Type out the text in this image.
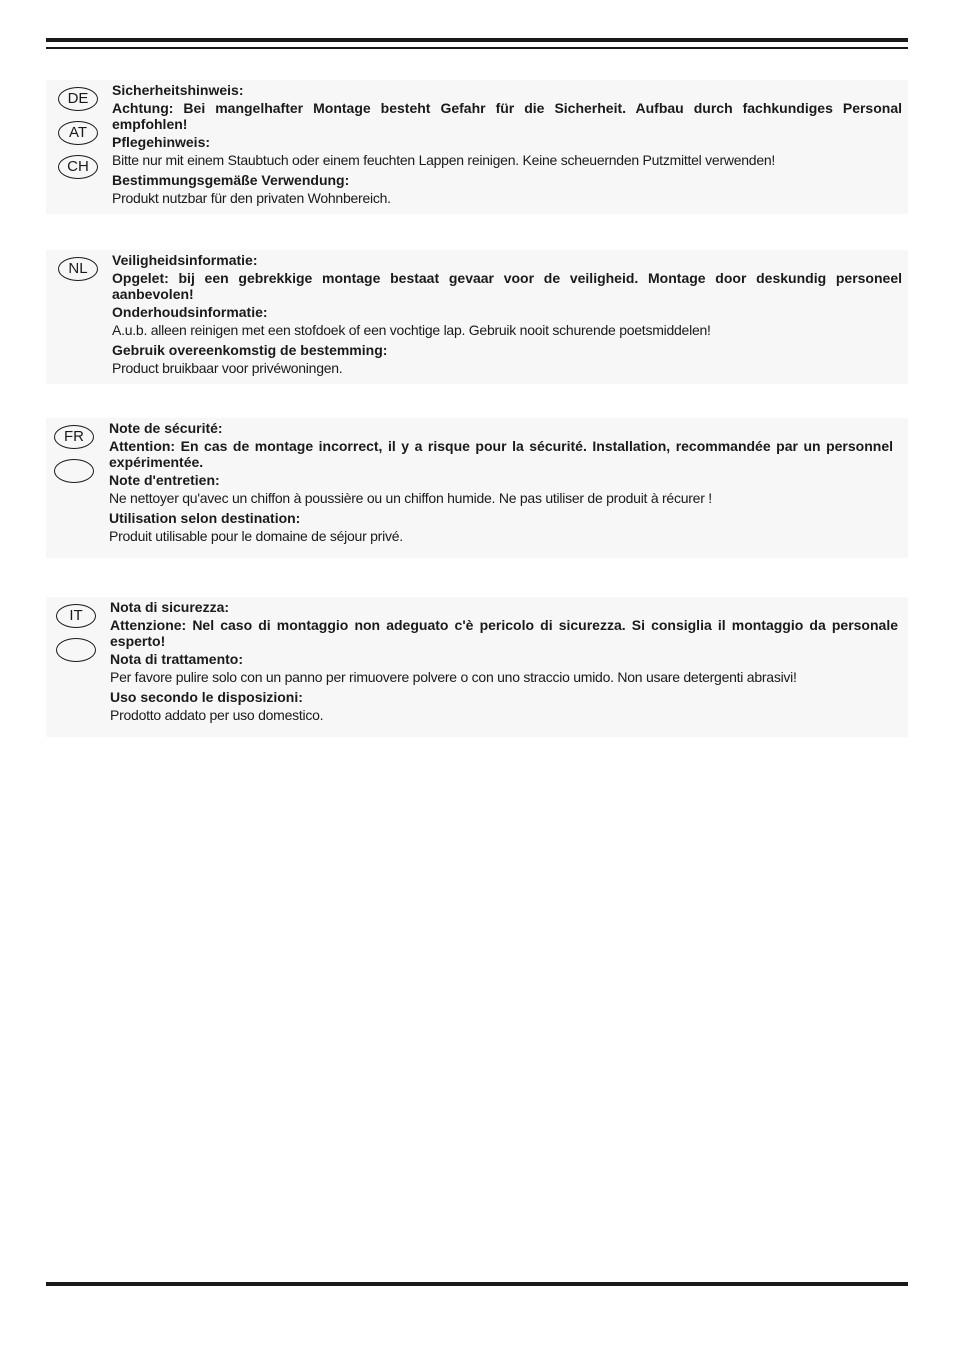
DE
AT
CH

Sicherheitshinweis:

Achtung: Bei mangelhafter Montage besteht Gefahr für die Sicherheit. Aufbau durch fachkundiges Personal empfohlen!

Pflegehinweis:

Bitte nur mit einem Staubtuch oder einem feuchten Lappen reinigen. Keine scheuernden Putzmittel verwenden!

Bestimmungsgemäße Verwendung:

Produkt nutzbar für den privaten Wohnbereich.

NL	Veiligheidsinformatie:

Opgelet: bij een gebrekkige montage bestaat gevaar voor de veiligheid. Montage door deskundig personeel aanbevolen!

Onderhoudsinformatie:

A.u.b. alleen reinigen met een stofdoek of een vochtige lap. Gebruik nooit schurende poetsmiddelen!

Gebruik overeenkomstig de bestemming:

Product bruikbaar voor privéwoningen.

FR	Note de sécurité:

Attention: En cas de montage incorrect, il y a risque pour la sécurité. Installation, recommandée par un personnel expérimentée.

Note d'entretien:

Ne nettoyer qu'avec un chiffon à poussière ou un chiffon humide. Ne pas utiliser de produit à récurer !

Utilisation selon destination:

Produit utilisable pour le domaine de séjour privé.

IT	Nota di sicurezza:

Attenzione: Nel caso di montaggio non adeguato c'è pericolo di sicurezza. Si consiglia il montaggio da personale esperto!

Nota di trattamento:

Per favore pulire solo con un panno per rimuovere polvere o con uno straccio umido. Non usare detergenti abrasivi!

Uso secondo le disposizioni:

Prodotto addato per uso domestico.
